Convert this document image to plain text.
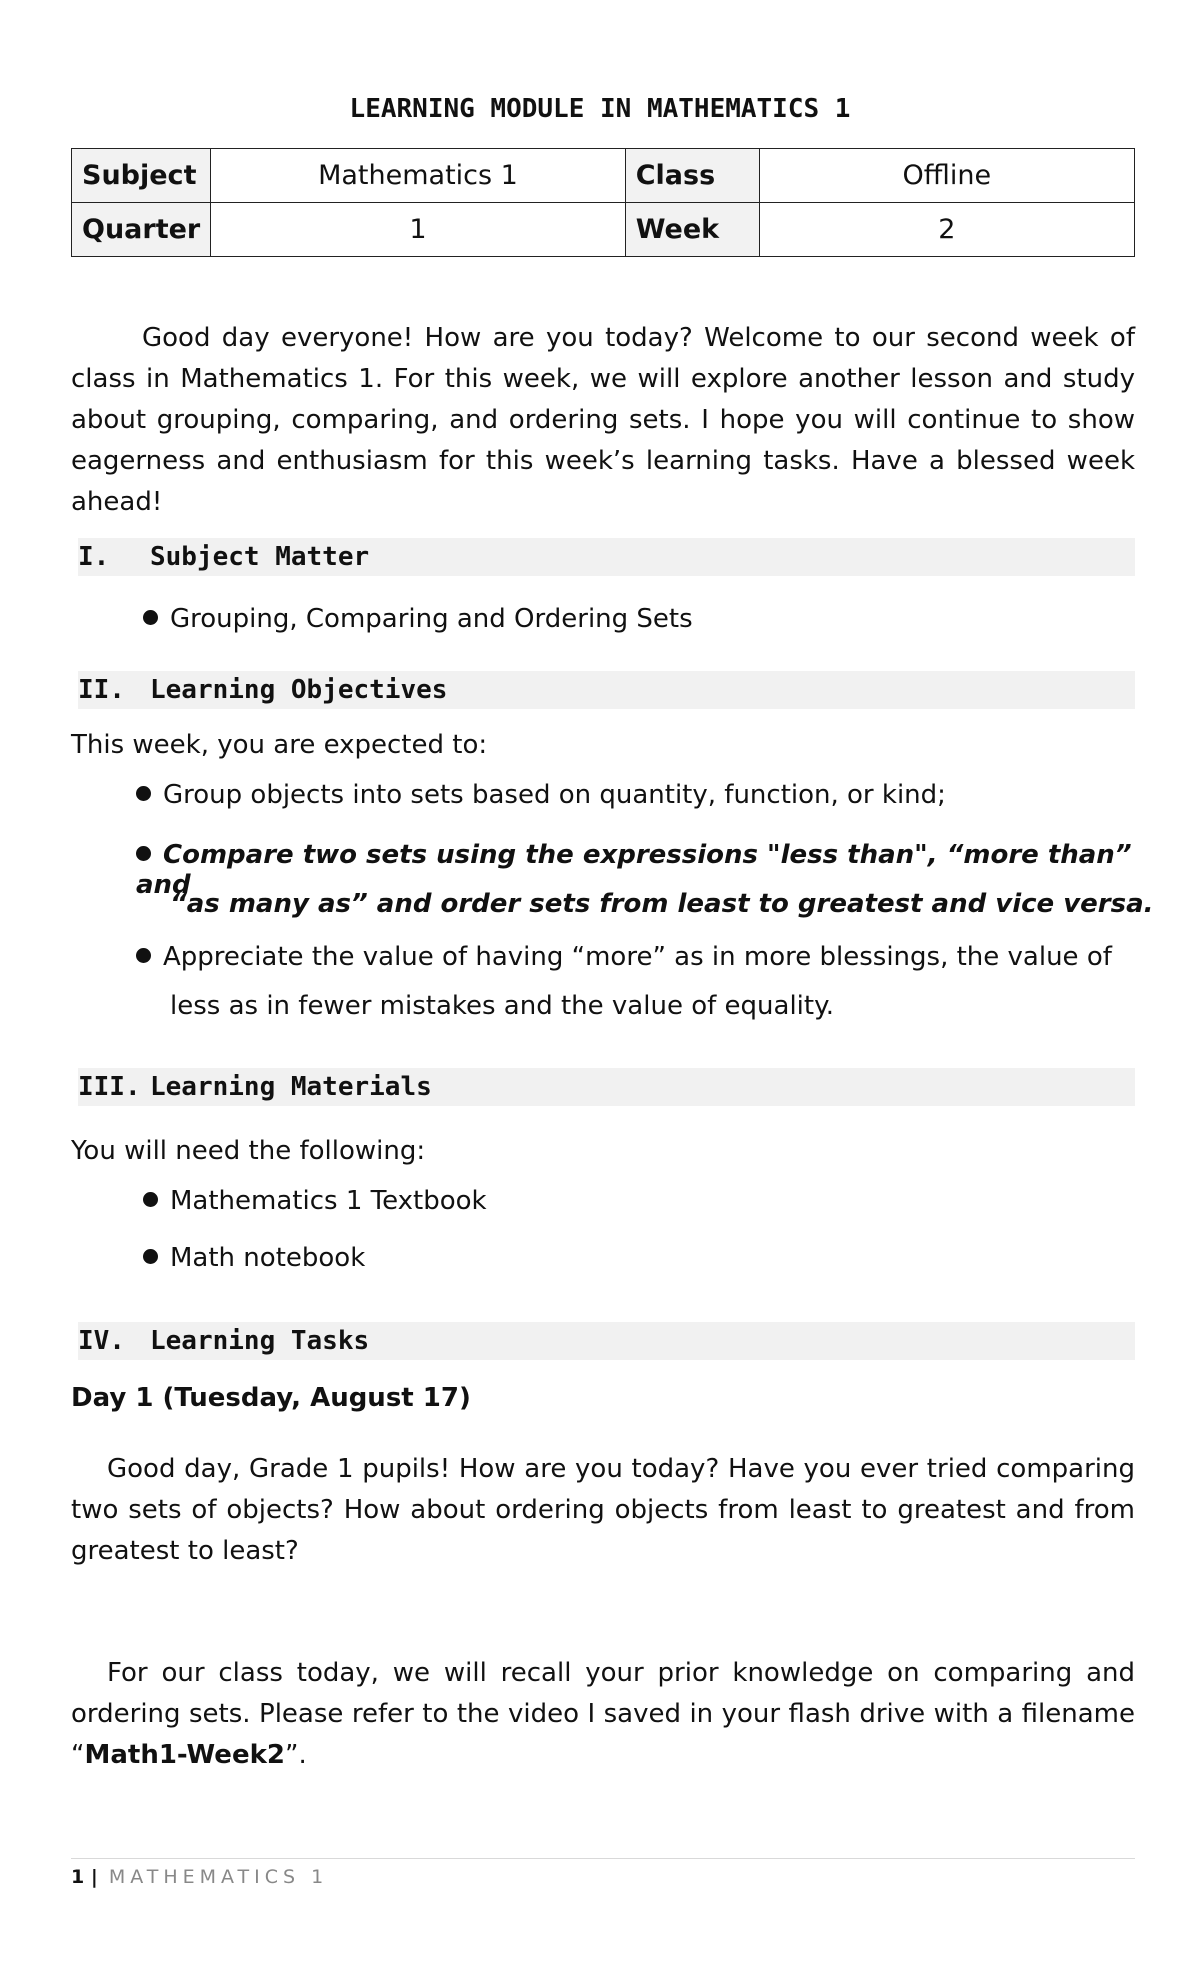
LEARNING MODULE IN MATHEMATICS 1
Subject	Mathematics 1	Class	Offline
Quarter	1	Week	2
Good day everyone! How are you today? Welcome to our second week of class in Mathematics 1. For this week, we will explore another lesson and study about grouping, comparing, and ordering sets. I hope you will continue to show eagerness and enthusiasm for this week’s learning tasks. Have a blessed week ahead!
I. Subject Matter
Grouping, Comparing and Ordering Sets
II. Learning Objectives
This week, you are expected to:
Group objects into sets based on quantity, function, or kind;
Compare two sets using the expressions "less than", “more than” and
“as many as” and order sets from least to greatest and vice versa.
Appreciate the value of having “more” as in more blessings, the value of
less as in fewer mistakes and the value of equality.
III. Learning Materials
You will need the following:
Mathematics 1 Textbook
Math notebook
IV. Learning Tasks
Day 1 (Tuesday, August 17)
Good day, Grade 1 pupils! How are you today? Have you ever tried comparing two sets of objects? How about ordering objects from least to greatest and from greatest to least?
For our class today, we will recall your prior knowledge on comparing and ordering sets. Please refer to the video I saved in your flash drive with a filename “Math1-Week2”.
1 | MATHEMATICS 1
